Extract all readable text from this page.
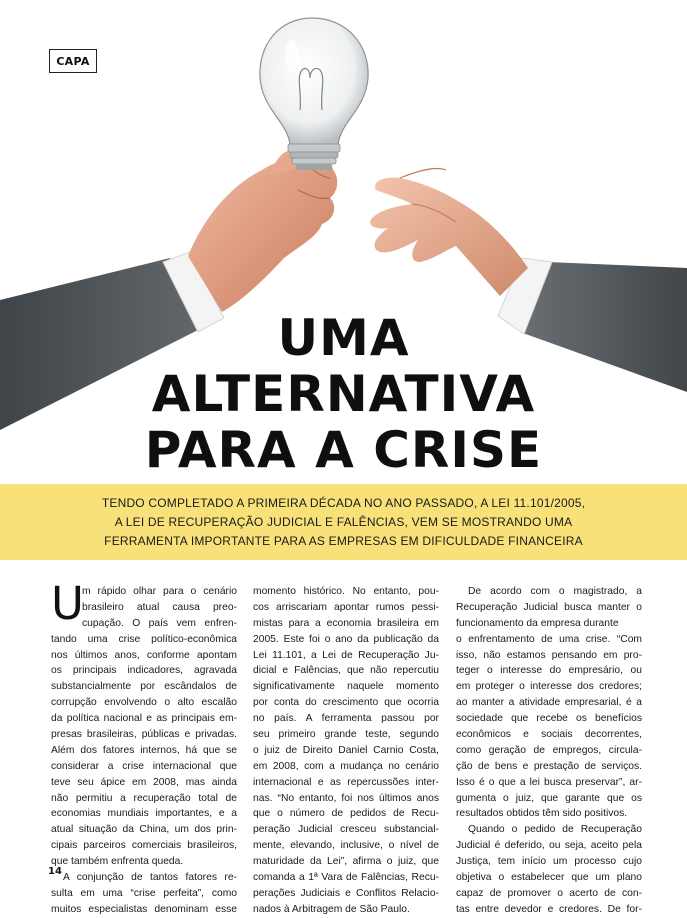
CAPA
UMA
ALTERNATIVA
PARA A CRISE
TENDO COMPLETADO A PRIMEIRA DÉCADA NO ANO PASSADO, A LEI 11.101/2005,
A LEI DE RECUPERAÇÃO JUDICIAL E FALÊNCIAS, VEM SE MOSTRANDO UMA
FERRAMENTA IMPORTANTE PARA AS EMPRESAS EM DIFICULDADE FINANCEIRA
U
m rápido olhar para o cenário
brasileiro atual causa preo-
cupação. O país vem enfren-
tando uma crise político-econômica
nos últimos anos, conforme apontam
os principais indicadores, agravada
substancialmente por escândalos de
corrupção envolvendo o alto escalão
da política nacional e as principais em-
presas brasileiras, públicas e privadas.
Além dos fatores internos, há que se
considerar a crise internacional que
teve seu ápice em 2008, mas ainda
não permitiu a recuperação total de
economias mundiais importantes, e a
atual situação da China, um dos prin-
cipais parceiros comerciais brasileiros,
que também enfrenta queda.
A conjunção de tantos fatores re-
sulta em uma “crise perfeita”, como
muitos especialistas denominam esse
momento histórico. No entanto, pou-
cos arriscariam apontar rumos pessi-
mistas para a economia brasileira em
2005. Este foi o ano da publicação da
Lei 11.101, a Lei de Recuperação Ju-
dicial e Falências, que não repercutiu
significativamente naquele momento
por conta do crescimento que ocorria
no país. A ferramenta passou por
seu primeiro grande teste, segundo
o juiz de Direito Daniel Carnio Costa,
em 2008, com a mudança no cenário
internacional e as repercussões inter-
nas. “No entanto, foi nos últimos anos
que o número de pedidos de Recu-
peração Judicial cresceu substancial-
mente, elevando, inclusive, o nível de
maturidade da Lei”, afirma o juiz, que
comanda a 1ª Vara de Falências, Recu-
perações Judiciais e Conflitos Relacio-
nados à Arbitragem de São Paulo.
De acordo com o magistrado, a
Recuperação Judicial busca manter o
funcionamento da empresa durante
o enfrentamento de uma crise. “Com
isso, não estamos pensando em pro-
teger o interesse do empresário, ou
em proteger o interesse dos credores;
ao manter a atividade empresarial, é a
sociedade que recebe os benefícios
econômicos e sociais decorrentes,
como geração de empregos, circula-
ção de bens e prestação de serviços.
Isso é o que a lei busca preservar”, ar-
gumenta o juiz, que garante que os
resultados obtidos têm sido positivos.
Quando o pedido de Recuperação
Judicial é deferido, ou seja, aceito pela
Justiça, tem início um processo cujo
objetiva o estabelecer que um plano
capaz de promover o acerto de con-
tas entre devedor e credores. De for-
14
